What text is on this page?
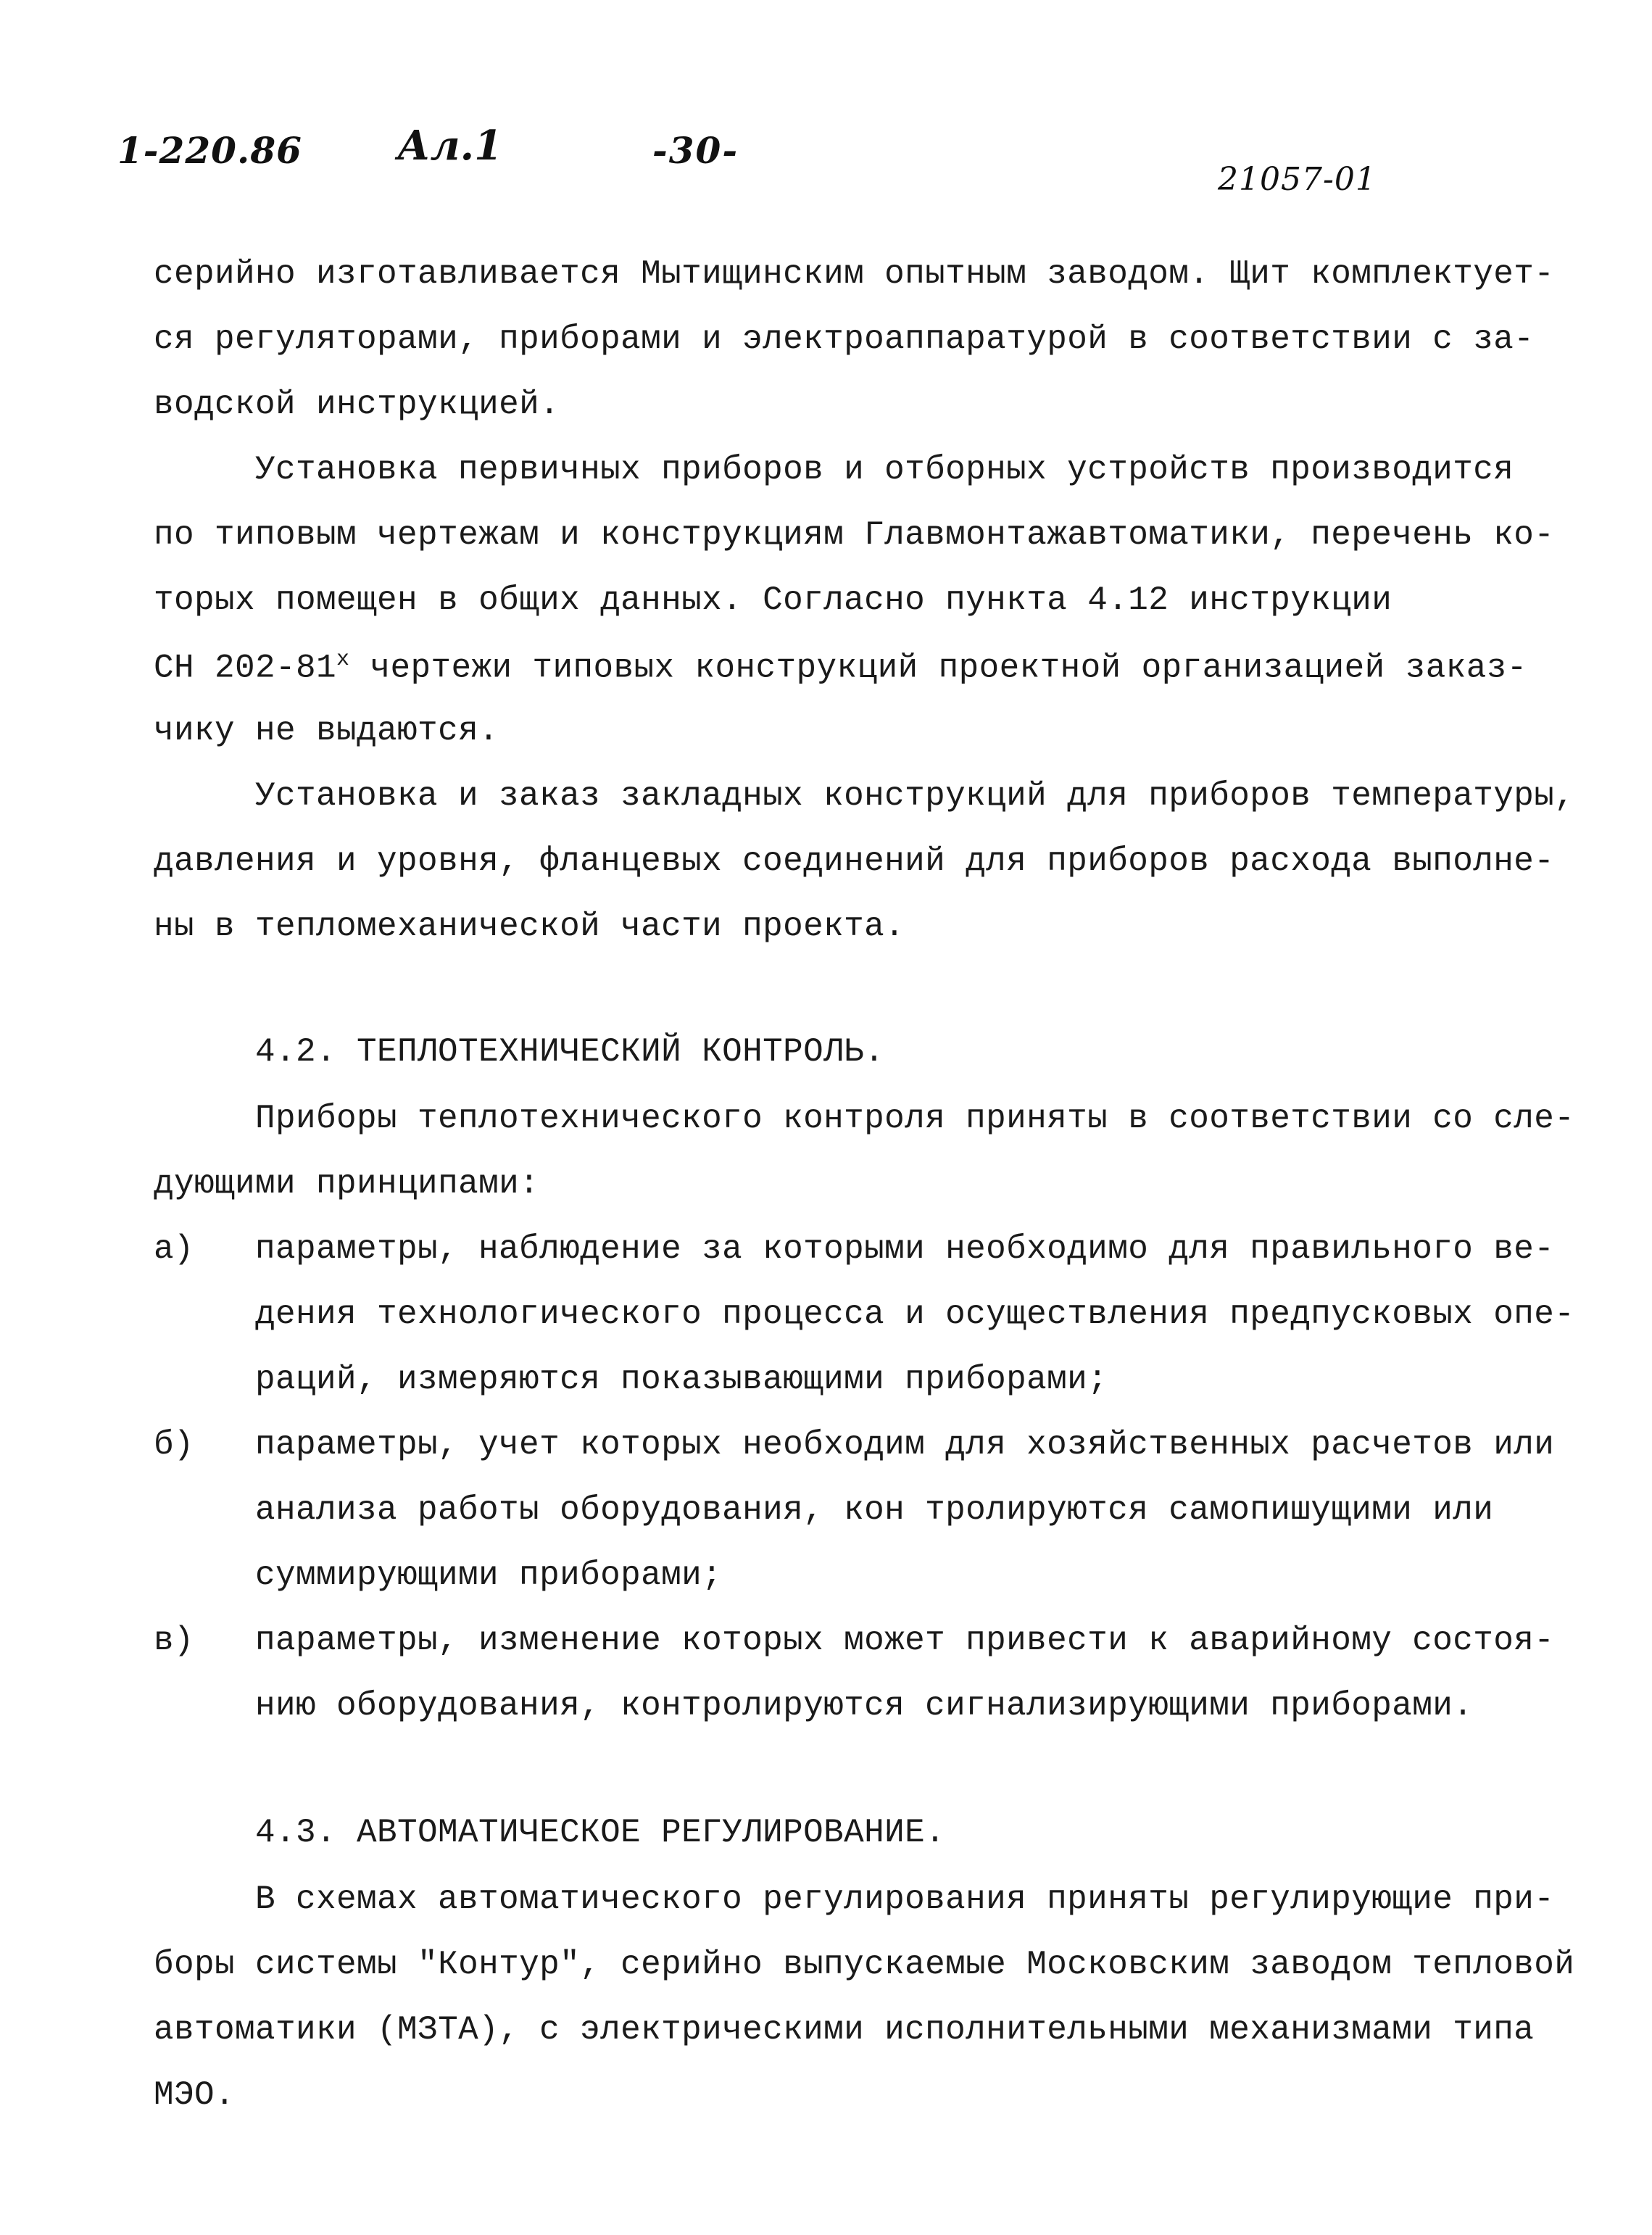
1-220.86 Ал.1	-30-
21057-01
серийно изготавливается Мытищинским опытным заводом. Щит комплектует-
ся регуляторами, приборами и электроаппаратурой в соответствии с за-
водской инструкцией.
Установка первичных приборов и отборных устройств производится
по типовым чертежам и конструкциям Главмонтажавтоматики, перечень ко-
торых помещен в общих данных. Согласно пункта 4.12 инструкции
СН $202-81^х$ чертежи типовых конструкций проектной организацией заказ-
чику не выдаются.
Установка и заказ закладных конструкций для приборов температуры,
давления и уровня, фланцевых соединений для приборов расхода выполне-
ны в тепломеханической части проекта.
4.2. ТЕПЛОТЕХНИЧЕСКИЙ КОНТРОЛЬ.
Приборы теплотехнического контроля приняты в соответствии со сле-
дующими принципами:
а) параметры, наблюдение за которыми необходимо для правильного ве-
дения технологического процесса и осуществления предпусковых опе-
раций, измеряются показывающими приборами;
б) параметры, учет которых необходим для хозяйственных расчетов или
анализа работы оборудования, кон тролируются самопишущими или
суммирующими приборами;
в) параметры, изменение которых может привести к аварийному состоя-
нию оборудования, контролируются сигнализирующими приборами.
4.3. АВТОМАТИЧЕСКОЕ РЕГУЛИРОВАНИЕ.
В схемах автоматического регулирования приняты регулирующие при-
боры системы "Контур", серийно выпускаемые Московским заводом тепловой
автоматики (МЗТА), с электрическими исполнительными механизмами типа
МЭО.
